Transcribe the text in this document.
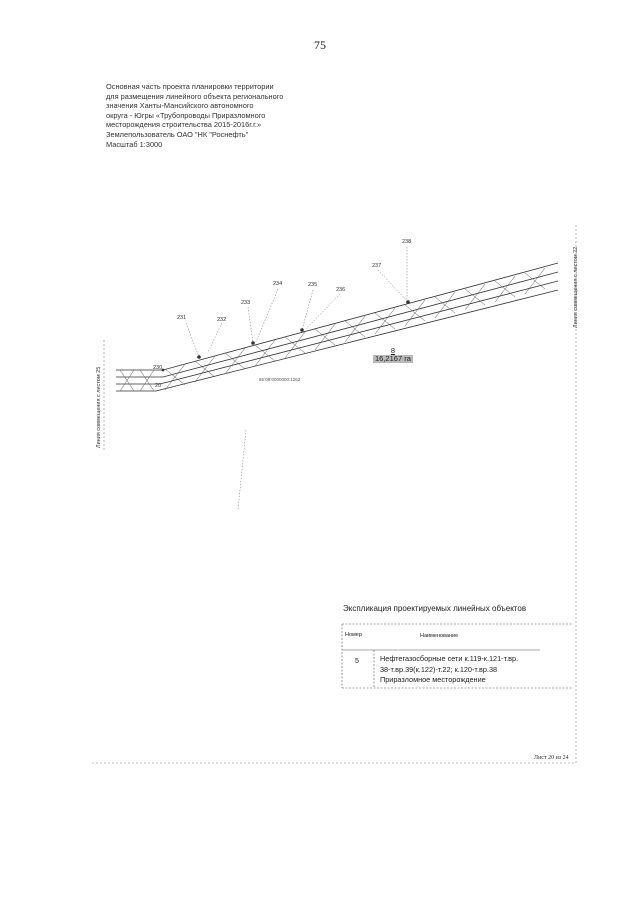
75
Основная часть проекта планировки территории
для размещения линейного объекта регионального
значения Ханты-Мансийского автономного
округа - Югры «Трубопроводы Приразломного
месторождения строительства 2015-2016г.г.»
Землепользователь ОАО "НК "Роснефть"
Масштаб 1:3000
231	232
233
234	235
236
237
238
230
20
86:08:0000000:1262
8
16,2167 га
Линия совмещения с листом 25
Линия совмещения с листом 22
Экспликация проектируемых линейных объектов
Номер	Наименование
5	Нефтегазосборные сети к.119-к.121-т.вр.
38-т.вр.39(к.122)-т.22; к.120-т.вр.38
Приразломное месторождение
Лист 20 из 24
